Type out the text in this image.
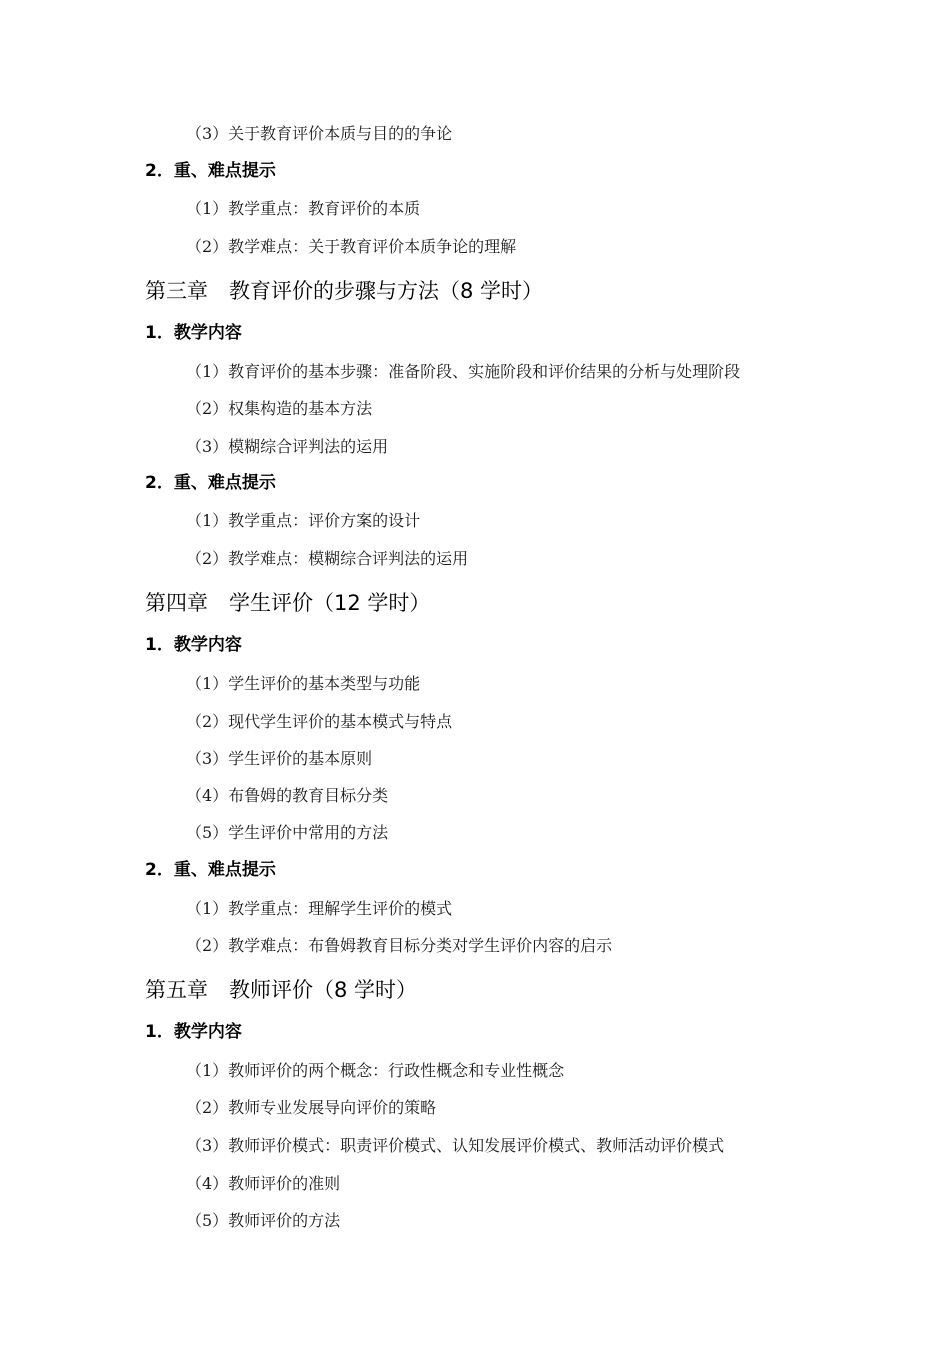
（3）关于教育评价本质与目的的争论
2．重、难点提示
（1）教学重点：教育评价的本质
（2）教学难点：关于教育评价本质争论的理解
第三章　教育评价的步骤与方法（8 学时）
1．教学内容
（1）教育评价的基本步骤：准备阶段、实施阶段和评价结果的分析与处理阶段
（2）权集构造的基本方法
（3）模糊综合评判法的运用
2．重、难点提示
（1）教学重点：评价方案的设计
（2）教学难点：模糊综合评判法的运用
第四章　学生评价（12 学时）
1．教学内容
（1）学生评价的基本类型与功能
（2）现代学生评价的基本模式与特点
（3）学生评价的基本原则
（4）布鲁姆的教育目标分类
（5）学生评价中常用的方法
2．重、难点提示
（1）教学重点：理解学生评价的模式
（2）教学难点：布鲁姆教育目标分类对学生评价内容的启示
第五章　教师评价（8 学时）
1．教学内容
（1）教师评价的两个概念：行政性概念和专业性概念
（2）教师专业发展导向评价的策略
（3）教师评价模式：职责评价模式、认知发展评价模式、教师活动评价模式
（4）教师评价的准则
（5）教师评价的方法
